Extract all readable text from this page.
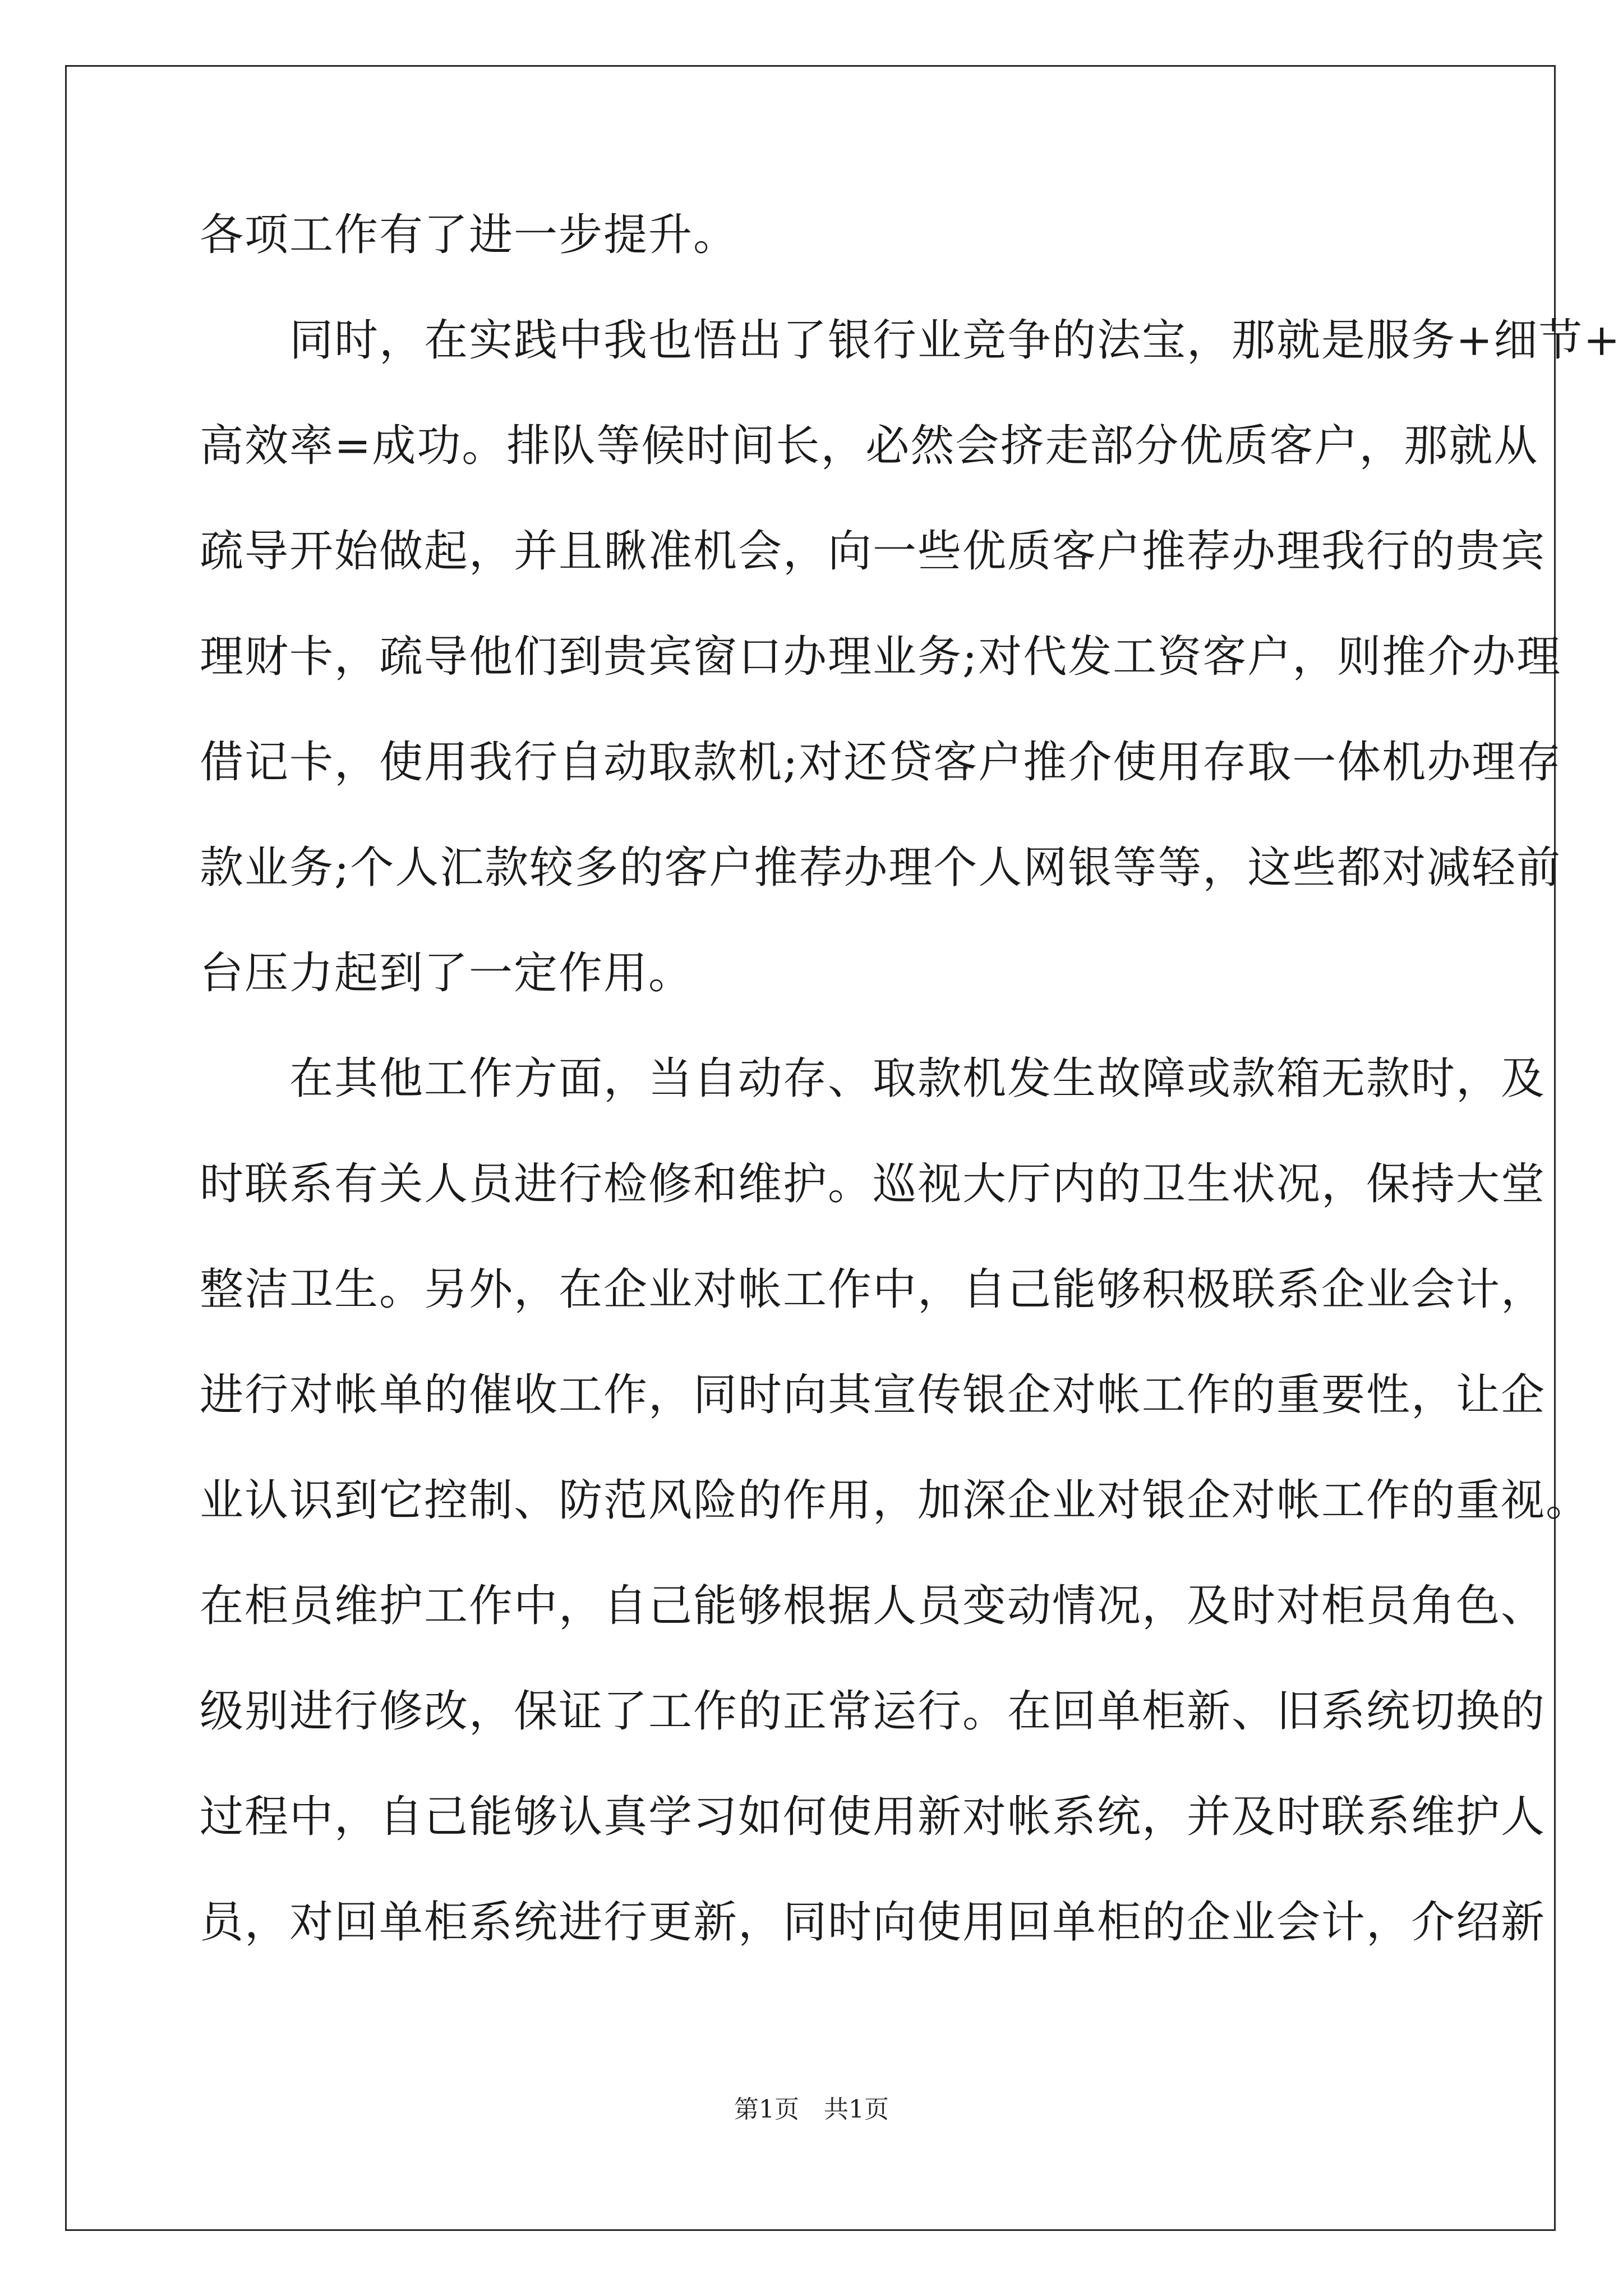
各项工作有了进一步提升。
　　同时，在实践中我也悟出了银行业竞争的法宝，那就是服务+细节+
高效率=成功。排队等候时间长，必然会挤走部分优质客户，那就从
疏导开始做起，并且瞅准机会，向一些优质客户推荐办理我行的贵宾
理财卡，疏导他们到贵宾窗口办理业务;对代发工资客户，则推介办理
借记卡，使用我行自动取款机;对还贷客户推介使用存取一体机办理存
款业务;个人汇款较多的客户推荐办理个人网银等等，这些都对减轻前
台压力起到了一定作用。
　　在其他工作方面，当自动存、取款机发生故障或款箱无款时，及
时联系有关人员进行检修和维护。巡视大厅内的卫生状况，保持大堂
整洁卫生。另外，在企业对帐工作中，自己能够积极联系企业会计，
进行对帐单的催收工作，同时向其宣传银企对帐工作的重要性，让企
业认识到它控制、防范风险的作用，加深企业对银企对帐工作的重视。
在柜员维护工作中，自己能够根据人员变动情况，及时对柜员角色、
级别进行修改，保证了工作的正常运行。在回单柜新、旧系统切换的
过程中，自己能够认真学习如何使用新对帐系统，并及时联系维护人
员，对回单柜系统进行更新，同时向使用回单柜的企业会计，介绍新
第1页　共1页
